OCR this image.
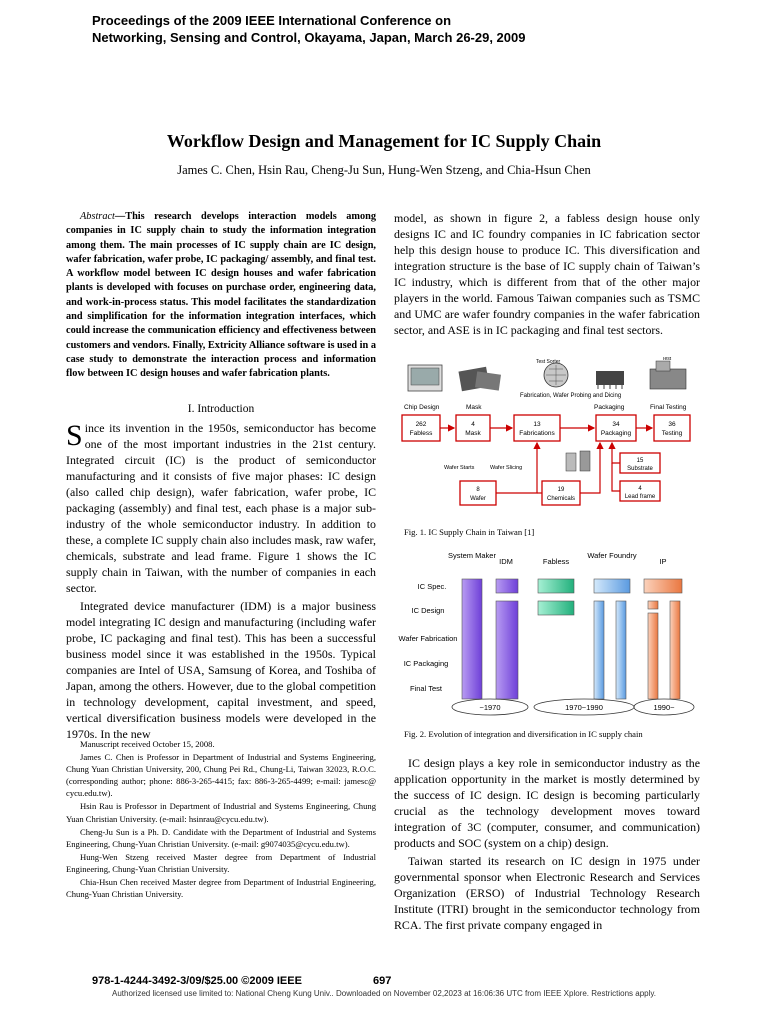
Proceedings of the 2009 IEEE International Conference on
Networking, Sensing and Control, Okayama, Japan, March 26-29, 2009
Workflow Design and Management for IC Supply Chain
James C. Chen, Hsin Rau, Cheng-Ju Sun, Hung-Wen Stzeng, and Chia-Hsun Chen

Abstract—This research develops interaction models among companies in IC supply chain to study the information integration among them. The main processes of IC supply chain are IC design, wafer fabrication, wafer probe, IC packaging/ assembly, and final test. A workflow model between IC design houses and wafer fabrication plants is developed with focuses on purchase order, engineering data, and work-in-process status. This model facilitates the standardization and simplification for the information integration interfaces, which could increase the communication efficiency and effectiveness between customers and vendors. Finally, Extricity Alliance software is used in a case study to demonstrate the interaction process and information flow between IC design houses and wafer fabrication plants.

I. Introduction

Since its invention in the 1950s, semiconductor has become one of the most important industries in the 21st century. Integrated circuit (IC) is the product of semiconductor manufacturing and it consists of five major phases: IC design (also called chip design), wafer fabrication, wafer probe, IC packaging (assembly) and final test, each phase is a major sub-industry of the whole semiconductor industry. In addition to these, a complete IC supply chain also includes mask, raw wafer, chemicals, substrate and lead frame. Figure 1 shows the IC supply chain in Taiwan, with the number of companies in each sector.

Integrated device manufacturer (IDM) is a major business model integrating IC design and manufacturing (including wafer probe, IC packaging and final test). This has been a successful business model since it was established in the 1950s. Typical companies are Intel of USA, Samsung of Korea, and Toshiba of Japan, among the others. However, due to the global competition in technology development, capital investment, and speed, vertical diversification business models were developed in the 1970s. In the new

Manuscript received October 15, 2008.

James C. Chen is Professor in Department of Industrial and Systems Engineering, Chung Yuan Christian University, 200, Chung Pei Rd., Chung-Li, Taiwan 32023, R.O.C. (corresponding author; phone: 886-3-265-4415; fax: 886-3-265-4499; e-mail: jamesc@ cycu.edu.tw).

Hsin Rau is Professor in Department of Industrial and Systems Engineering, Chung Yuan Christian University. (e-mail: hsinrau@cycu.edu.tw).

Cheng-Ju Sun is a Ph. D. Candidate with the Department of Industrial and Systems Engineering, Chung-Yuan Christian University. (e-mail: g9074035@cycu.edu.tw).

Hung-Wen Stzeng received Master degree from Department of Industrial Engineering, Chung-Yuan Christian University.

Chia-Hsun Chen received Master degree from Department of Industrial Engineering, Chung-Yuan Christian University.

model, as shown in figure 2, a fabless design house only designs IC and IC foundry companies in IC fabrication sector help this design house to produce IC. This diversification and integration structure is the base of IC supply chain of Taiwan’s IC industry, which is different from that of the other major players in the world. Famous Taiwan companies such as TSMC and UMC are wafer foundry companies in the wafer fabrication sector, and ASE is in IC packaging and final test sectors.

Test Sorter	Test
Chip Design	Mask
Fabrication, Wafer Probing and Dicing
Packaging	Final Testing
262
Fabless
4
Mask
13
Fabrications
34
Packaging
36
Testing
15
Substrate
4
Lead frame
Wafer Starts	Wafer Slicing
8
Wafer
19
Chemicals
Fig. 1. IC Supply Chain in Taiwan [1]
System Maker
IDM	Fabless
Wafer Foundry
IP
IC Spec.
IC Design
Wafer Fabrication
IC Packaging
Final Test
~1970	1970~1990	1990~
Fig. 2. Evolution of integration and diversification in IC supply chain

IC design plays a key role in semiconductor industry as the application opportunity in the market is mostly determined by the success of IC design. IC design is becoming particularly crucial as the technology development moves toward integration of 3C (computer, consumer, and communication) products and SOC (system on a chip) design.

Taiwan started its research on IC design in 1975 under governmental sponsor when Electronic Research and Services Organization (ERSO) of Industrial Technology Research Institute (ITRI) brought in the semiconductor technology from RCA. The first private company engaged in

978-1-4244-3492-3/09/$25.00 ©2009 IEEE	697
Authorized licensed use limited to: National Cheng Kung Univ.. Downloaded on November 02,2023 at 16:06:36 UTC from IEEE Xplore. Restrictions apply.
